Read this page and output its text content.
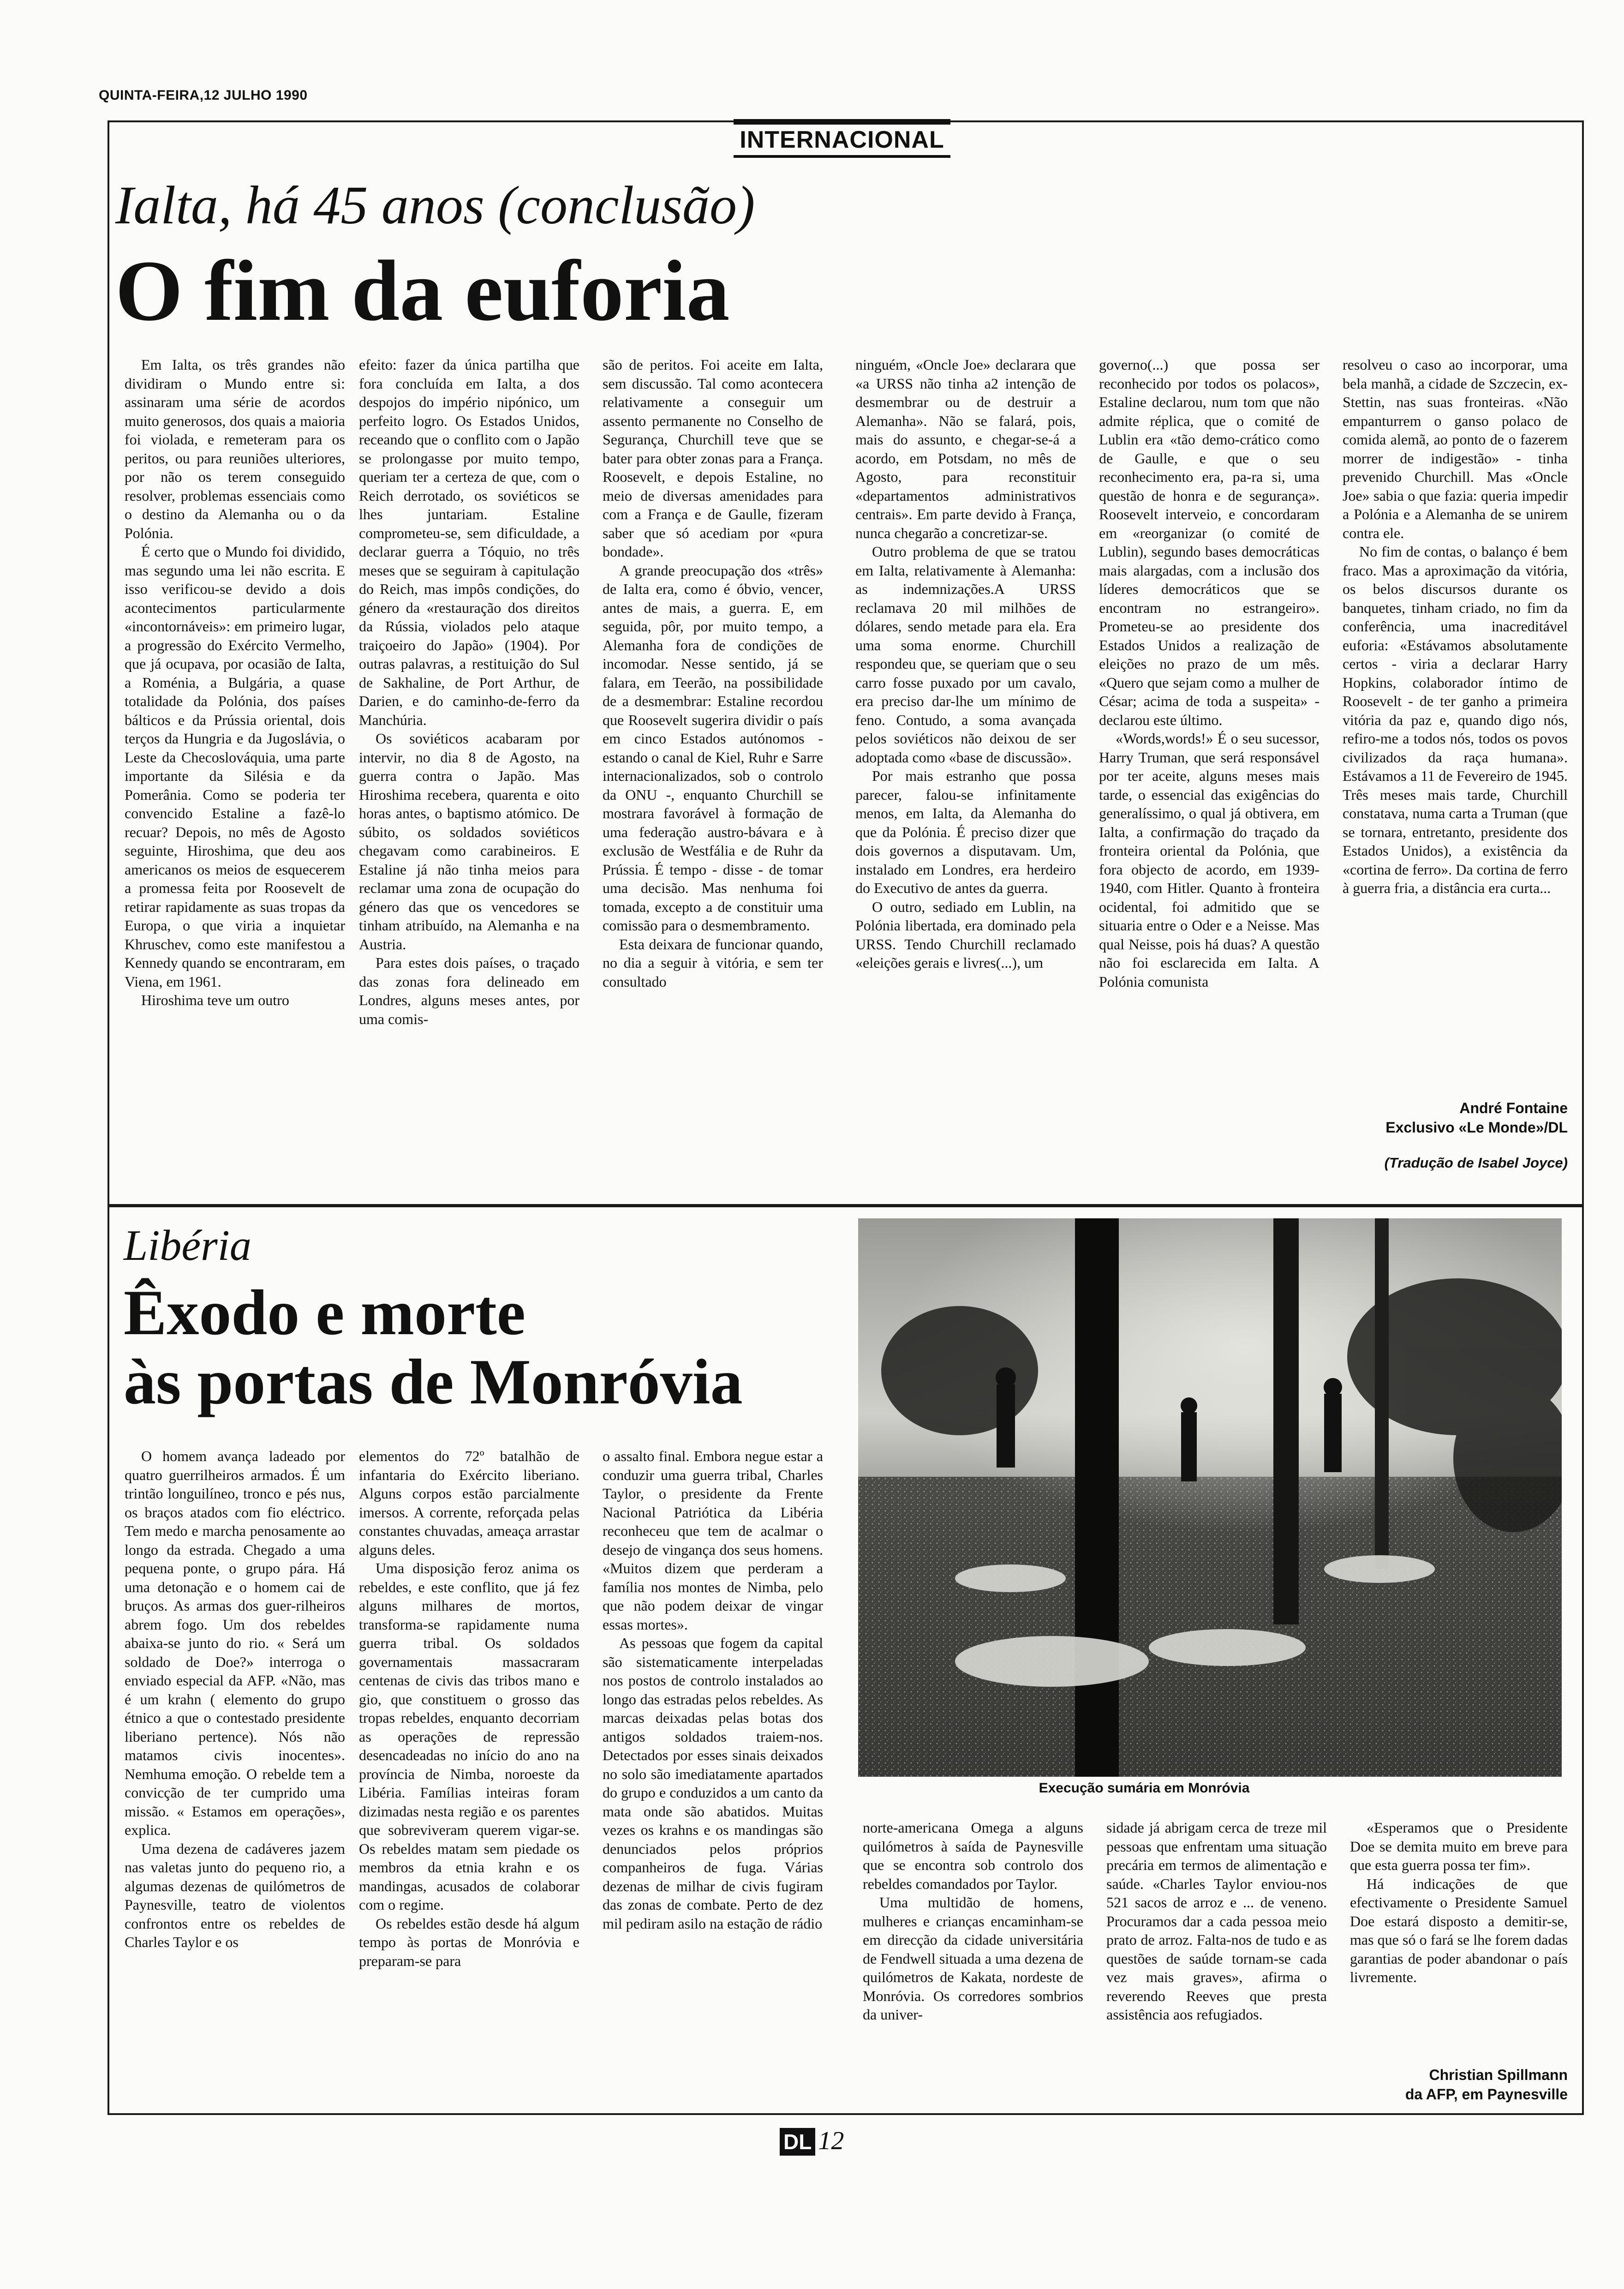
QUINTA-FEIRA,12 JULHO 1990
INTERNACIONAL
Ialta, há 45 anos (conclusão)
O fim da euforia

Em Ialta, os três grandes não dividiram o Mundo entre si: assinaram uma série de acordos muito generosos, dos quais a maioria foi violada, e remeteram para os peritos, ou para reuniões ulteriores, por não os terem conseguido resolver, problemas essenciais como o destino da Alemanha ou o da Polónia.

É certo que o Mundo foi dividido, mas segundo uma lei não escrita. E isso verificou-se devido a dois acontecimentos particularmente «incontornáveis»: em primeiro lugar, a progressão do Exército Vermelho, que já ocupava, por ocasião de Ialta, a Roménia, a Bulgária, a quase totalidade da Polónia, dos países bálticos e da Prússia oriental, dois terços da Hungria e da Jugoslávia, o Leste da Checoslováquia, uma parte importante da Silésia e da Pomerânia. Como se poderia ter convencido Estaline a fazê-lo recuar? Depois, no mês de Agosto seguinte, Hiroshima, que deu aos americanos os meios de esquecerem a promessa feita por Roosevelt de retirar rapidamente as suas tropas da Europa, o que viria a inquietar Khruschev, como este manifestou a Kennedy quando se encontraram, em Viena, em 1961.

Hiroshima teve um outro

efeito: fazer da única partilha que fora concluída em Ialta, a dos despojos do império nipónico, um perfeito logro. Os Estados Unidos, receando que o conflito com o Japão se prolongasse por muito tempo, queriam ter a certeza de que, com o Reich derrotado, os soviéticos se lhes juntariam. Estaline comprometeu-se, sem dificuldade, a declarar guerra a Tóquio, no três meses que se seguiram à capitulação do Reich, mas impôs condições, do género da «restauração dos direitos da Rússia, violados pelo ataque traiçoeiro do Japão» (1904). Por outras palavras, a restituição do Sul de Sakhaline, de Port Arthur, de Darien, e do caminho-de-ferro da Manchúria.

Os soviéticos acabaram por intervir, no dia 8 de Agosto, na guerra contra o Japão. Mas Hiroshima recebera, quarenta e oito horas antes, o baptismo atómico. De súbito, os soldados soviéticos chegavam como carabineiros. E Estaline já não tinha meios para reclamar uma zona de ocupação do género das que os vencedores se tinham atribuído, na Alemanha e na Austria.

Para estes dois países, o traçado das zonas fora delineado em Londres, alguns meses antes, por uma comis-

são de peritos. Foi aceite em Ialta, sem discussão. Tal como acontecera relativamente a conseguir um assento permanente no Conselho de Segurança, Churchill teve que se bater para obter zonas para a França. Roosevelt, e depois Estaline, no meio de diversas amenidades para com a França e de Gaulle, fizeram saber que só acediam por «pura bondade».

A grande preocupação dos «três» de Ialta era, como é óbvio, vencer, antes de mais, a guerra. E, em seguida, pôr, por muito tempo, a Alemanha fora de condições de incomodar. Nesse sentido, já se falara, em Teerão, na possibilidade de a desmembrar: Estaline recordou que Roosevelt sugerira dividir o país em cinco Estados autónomos - estando o canal de Kiel, Ruhr e Sarre internacionalizados, sob o controlo da ONU -, enquanto Churchill se mostrara favorável à formação de uma federação austro-bávara e à exclusão de Westfália e de Ruhr da Prússia. É tempo - disse - de tomar uma decisão. Mas nenhuma foi tomada, excepto a de constituir uma comissão para o desmembramento.

Esta deixara de funcionar quando, no dia a seguir à vitória, e sem ter consultado

ninguém, «Oncle Joe» declarara que «a URSS não tinha a2 intenção de desmembrar ou de destruir a Alemanha». Não se falará, pois, mais do assunto, e chegar-se-á a acordo, em Potsdam, no mês de Agosto, para reconstituir «departamentos administrativos centrais». Em parte devido à França, nunca chegarão a concretizar-se.

Outro problema de que se tratou em Ialta, relativamente à Alemanha: as indemnizações.A URSS reclamava 20 mil milhões de dólares, sendo metade para ela. Era uma soma enorme. Churchill respondeu que, se queriam que o seu carro fosse puxado por um cavalo, era preciso dar-lhe um mínimo de feno. Contudo, a soma avançada pelos soviéticos não deixou de ser adoptada como «base de discussão».

Por mais estranho que possa parecer, falou-se infinitamente menos, em Ialta, da Alemanha do que da Polónia. É preciso dizer que dois governos a disputavam. Um, instalado em Londres, era herdeiro do Executivo de antes da guerra.

O outro, sediado em Lublin, na Polónia libertada, era dominado pela URSS. Tendo Churchill reclamado «eleições gerais e livres(...), um

governo(...) que possa ser reconhecido por todos os polacos», Estaline declarou, num tom que não admite réplica, que o comité de Lublin era «tão demo-crático como de Gaulle, e que o seu reconhecimento era, pa-ra si, uma questão de honra e de segurança». Roosevelt interveio, e concordaram em «reorganizar (o comité de Lublin), segundo bases democráticas mais alargadas, com a inclusão dos líderes democráticos que se encontram no estrangeiro». Prometeu-se ao presidente dos Estados Unidos a realização de eleições no prazo de um mês. «Quero que sejam como a mulher de César; acima de toda a suspeita» - declarou este último.

«Words,words!» É o seu sucessor, Harry Truman, que será responsável por ter aceite, alguns meses mais tarde, o essencial das exigências do generalíssimo, o qual já obtivera, em Ialta, a confirmação do traçado da fronteira oriental da Polónia, que fora objecto de acordo, em 1939-1940, com Hitler. Quanto à fronteira ocidental, foi admitido que se situaria entre o Oder e a Neisse. Mas qual Neisse, pois há duas? A questão não foi esclarecida em Ialta. A Polónia comunista

resolveu o caso ao incorporar, uma bela manhã, a cidade de Szczecin, ex-Stettin, nas suas fronteiras. «Não empanturrem o ganso polaco de comida alemã, ao ponto de o fazerem morrer de indigestão» - tinha prevenido Churchill. Mas «Oncle Joe» sabia o que fazia: queria impedir a Polónia e a Alemanha de se unirem contra ele.

No fim de contas, o balanço é bem fraco. Mas a aproximação da vitória, os belos discursos durante os banquetes, tinham criado, no fim da conferência, uma inacreditável euforia: «Estávamos absolutamente certos - viria a declarar Harry Hopkins, colaborador íntimo de Roosevelt - de ter ganho a primeira vitória da paz e, quando digo nós, refiro-me a todos nós, todos os povos civilizados da raça humana». Estávamos a 11 de Fevereiro de 1945. Três meses mais tarde, Churchill constatava, numa carta a Truman (que se tornara, entretanto, presidente dos Estados Unidos), a existência da «cortina de ferro». Da cortina de ferro à guerra fria, a distância era curta...

André Fontaine
Exclusivo «Le Monde»/DL
(Tradução de Isabel Joyce)
Libéria
Êxodo e morte
às portas de Monróvia
Execução sumária em Monróvia

O homem avança ladeado por quatro guerrilheiros armados. É um trintão longuilíneo, tronco e pés nus, os braços atados com fio eléctrico. Tem medo e marcha penosamente ao longo da estrada. Chegado a uma pequena ponte, o grupo pára. Há uma detonação e o homem cai de bruços. As armas dos guer-rilheiros abrem fogo. Um dos rebeldes abaixa-se junto do rio. « Será um soldado de Doe?» interroga o enviado especial da AFP. «Não, mas é um krahn ( elemento do grupo étnico a que o contestado presidente liberiano pertence). Nós não matamos civis inocentes». Nemhuma emoção. O rebelde tem a convicção de ter cumprido uma missão. « Estamos em operações», explica.

Uma dezena de cadáveres jazem nas valetas junto do pequeno rio, a algumas dezenas de quilómetros de Paynesville, teatro de violentos confrontos entre os rebeldes de Charles Taylor e os

elementos do 72º batalhão de infantaria do Exército liberiano. Alguns corpos estão parcialmente imersos. A corrente, reforçada pelas constantes chuvadas, ameaça arrastar alguns deles.

Uma disposição feroz anima os rebeldes, e este conflito, que já fez alguns milhares de mortos, transforma-se rapidamente numa guerra tribal. Os soldados governamentais massacraram centenas de civis das tribos mano e gio, que constituem o grosso das tropas rebeldes, enquanto decorriam as operações de repressão desencadeadas no início do ano na província de Nimba, noroeste da Libéria. Famílias inteiras foram dizimadas nesta região e os parentes que sobreviveram querem vigar-se. Os rebeldes matam sem piedade os membros da etnia krahn e os mandingas, acusados de colaborar com o regime.

Os rebeldes estão desde há algum tempo às portas de Monróvia e preparam-se para

o assalto final. Embora negue estar a conduzir uma guerra tribal, Charles Taylor, o presidente da Frente Nacional Patriótica da Libéria reconheceu que tem de acalmar o desejo de vingança dos seus homens. «Muitos dizem que perderam a família nos montes de Nimba, pelo que não podem deixar de vingar essas mortes».

As pessoas que fogem da capital são sistematicamente interpeladas nos postos de controlo instalados ao longo das estradas pelos rebeldes. As marcas deixadas pelas botas dos antigos soldados traiem-nos. Detectados por esses sinais deixados no solo são imediatamente apartados do grupo e conduzidos a um canto da mata onde são abatidos. Muitas vezes os krahns e os mandingas são denunciados pelos próprios companheiros de fuga. Várias dezenas de milhar de civis fugiram das zonas de combate. Perto de dez mil pediram asilo na estação de rádio

norte-americana Omega a alguns quilómetros à saída de Paynesville que se encontra sob controlo dos rebeldes comandados por Taylor.

Uma multidão de homens, mulheres e crianças encaminham-se em direcção da cidade universitária de Fendwell situada a uma dezena de quilómetros de Kakata, nordeste de Monróvia. Os corredores sombrios da univer-

sidade já abrigam cerca de treze mil pessoas que enfrentam uma situação precária em termos de alimentação e saúde. «Charles Taylor enviou-nos 521 sacos de arroz e ... de veneno. Procuramos dar a cada pessoa meio prato de arroz. Falta-nos de tudo e as questões de saúde tornam-se cada vez mais graves», afirma o reverendo Reeves que presta assistência aos refugiados.

«Esperamos que o Presidente Doe se demita muito em breve para que esta guerra possa ter fim».

Há indicações de que efectivamente o Presidente Samuel Doe estará disposto a demitir-se, mas que só o fará se lhe forem dadas garantias de poder abandonar o país livremente.

Christian Spillmann
da AFP, em Paynesville
DL 12
